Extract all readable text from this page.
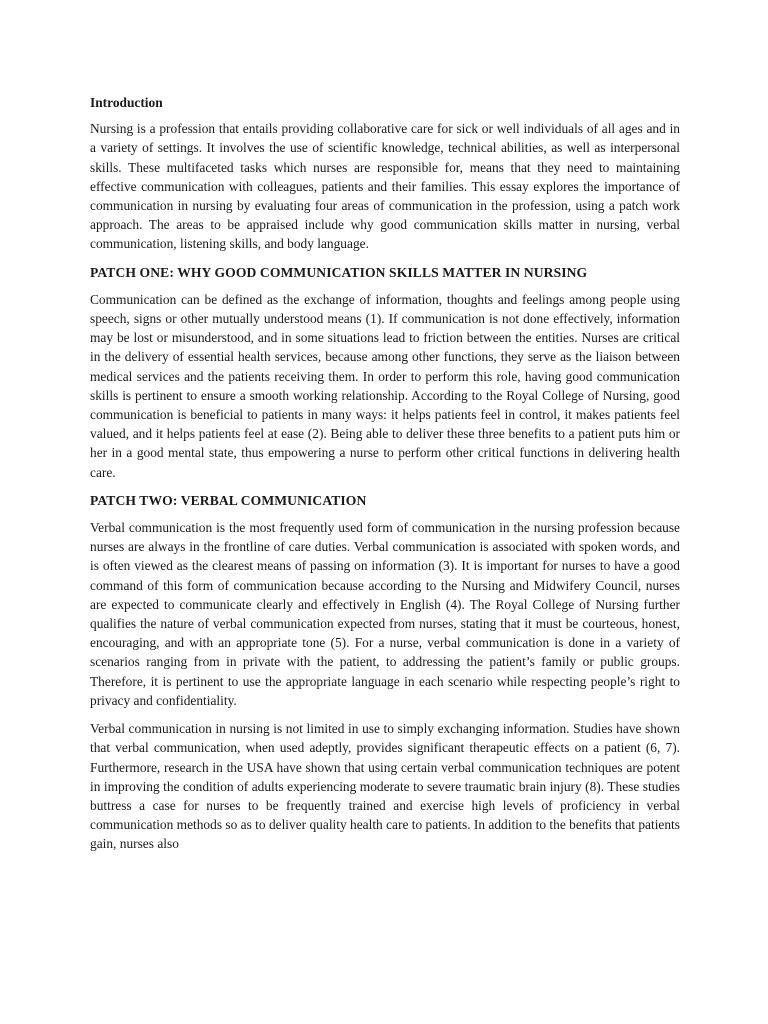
Introduction

Nursing is a profession that entails providing collaborative care for sick or well individuals of all ages and in a variety of settings. It involves the use of scientific knowledge, technical abilities, as well as interpersonal skills. These multifaceted tasks which nurses are responsible for, means that they need to maintaining effective communication with colleagues, patients and their families. This essay explores the importance of communication in nursing by evaluating four areas of communication in the profession, using a patch work approach. The areas to be appraised include why good communication skills matter in nursing, verbal communication, listening skills, and body language.

PATCH ONE: WHY GOOD COMMUNICATION SKILLS MATTER IN NURSING

Communication can be defined as the exchange of information, thoughts and feelings among people using speech, signs or other mutually understood means (1). If communication is not done effectively, information may be lost or misunderstood, and in some situations lead to friction between the entities. Nurses are critical in the delivery of essential health services, because among other functions, they serve as the liaison between medical services and the patients receiving them. In order to perform this role, having good communication skills is pertinent to ensure a smooth working relationship. According to the Royal College of Nursing, good communication is beneficial to patients in many ways: it helps patients feel in control, it makes patients feel valued, and it helps patients feel at ease (2). Being able to deliver these three benefits to a patient puts him or her in a good mental state, thus empowering a nurse to perform other critical functions in delivering health care.

PATCH TWO: VERBAL COMMUNICATION

Verbal communication is the most frequently used form of communication in the nursing profession because nurses are always in the frontline of care duties. Verbal communication is associated with spoken words, and is often viewed as the clearest means of passing on information (3). It is important for nurses to have a good command of this form of communication because according to the Nursing and Midwifery Council, nurses are expected to communicate clearly and effectively in English (4). The Royal College of Nursing further qualifies the nature of verbal communication expected from nurses, stating that it must be courteous, honest, encouraging, and with an appropriate tone (5). For a nurse, verbal communication is done in a variety of scenarios ranging from in private with the patient, to addressing the patient’s family or public groups. Therefore, it is pertinent to use the appropriate language in each scenario while respecting people’s right to privacy and confidentiality.

Verbal communication in nursing is not limited in use to simply exchanging information. Studies have shown that verbal communication, when used adeptly, provides significant therapeutic effects on a patient (6, 7). Furthermore, research in the USA have shown that using certain verbal communication techniques are potent in improving the condition of adults experiencing moderate to severe traumatic brain injury (8). These studies buttress a case for nurses to be frequently trained and exercise high levels of proficiency in verbal communication methods so as to deliver quality health care to patients. In addition to the benefits that patients gain, nurses also
